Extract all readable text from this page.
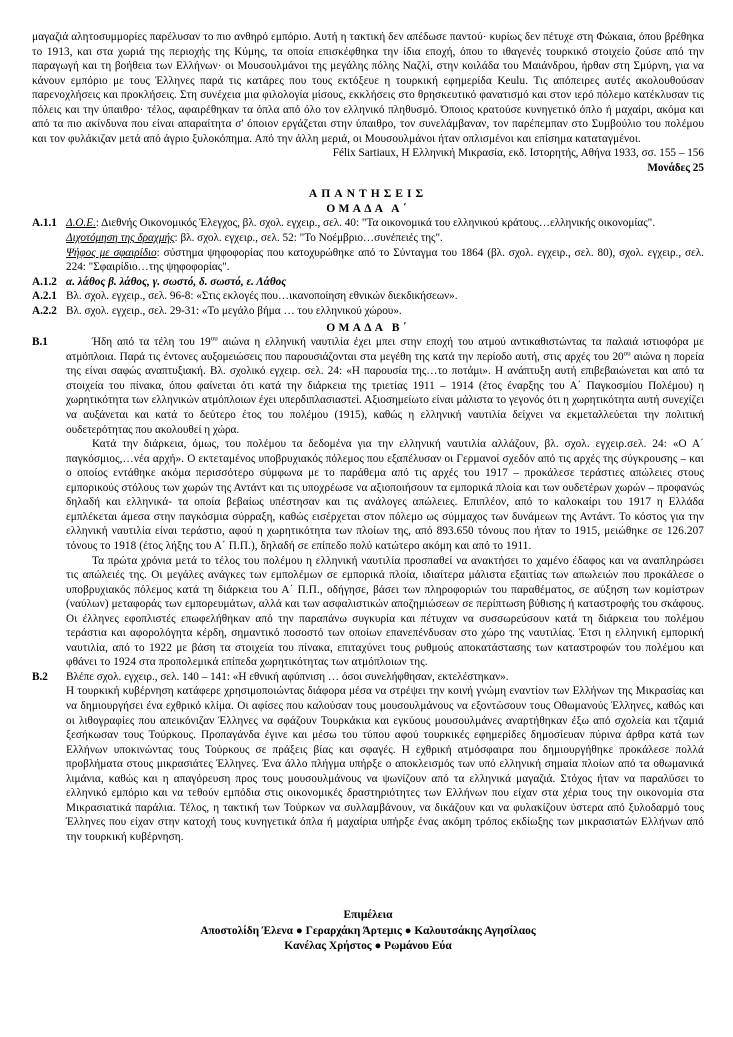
μαγαζιά αλητοσυμμορίες παρέλυσαν το πιο ανθηρό εμπόριο. Αυτή η τακτική δεν απέδωσε παντού· κυρίως δεν πέτυχε στη Φώκαια, όπου βρέθηκα το 1913, και στα χωριά της περιοχής της Κύμης, τα οποία επισκέφθηκα την ίδια εποχή, όπου το ιθαγενές τουρκικό στοιχείο ζούσε από την παραγωγή και τη βοήθεια των Ελλήνων· οι Μουσουλμάνοι της μεγάλης πόλης Ναζλί, στην κοιλάδα του Μαιάνδρου, ήρθαν στη Σμύρνη, για να κάνουν εμπόριο με τους Έλληνες παρά τις κατάρες που τους εκτόξευε η τουρκική εφημερίδα Keulu. Τις απόπειρες αυτές ακολουθούσαν παρενοχλήσεις και προκλήσεις. Στη συνέχεια μια φιλολογία μίσους, εκκλήσεις στο θρησκευτικό φανατισμό και στον ιερό πόλεμο κατέκλυσαν τις πόλεις και την ύπαιθρο· τέλος, αφαιρέθηκαν τα όπλα από όλο τον ελληνικό πληθυσμό. Όποιος κρατούσε κυνηγετικό όπλο ή μαχαίρι, ακόμα και από τα πιο ακίνδυνα που είναι απαραίτητα σ' όποιον εργάζεται στην ύπαιθρο, τον συνελάμβαναν, τον παρέπεμπαν στο Συμβούλιο του πολέμου και τον φυλάκιζαν μετά από άγριο ξυλοκόπημα. Από την άλλη μεριά, οι Μουσουλμάνοι ήταν οπλισμένοι και επίσημα καταταγμένοι.

Félix Sartiaux, Η Ελληνική Μικρασία, εκδ. Ιστορητής, Αθήνα 1933, σσ. 155 – 156

Μονάδες 25

ΑΠΑΝΤΗΣΕΙΣ

ΟΜΑΔΑ Α΄

Α.1.1 Δ.Ο.Ε.: Διεθνής Οικονομικός Έλεγχος, βλ. σχολ. εγχειρ., σελ. 40: "Τα οικονομικά του ελληνικού κράτους…ελληνικής οικονομίας".
Διχοτόμηση της δραχμής: βλ. σχολ. εγχειρ., σελ. 52: "Το Νοέμβριο…συνέπειές της".
Ψήφος με σφαιρίδιο: σύστημα ψηφοφορίας που κατοχυρώθηκε από το Σύνταγμα του 1864 (βλ. σχολ. εγχειρ., σελ. 80), σχολ. εγχειρ., σελ. 224: "Σφαιρίδιο…της ψηφοφορίας".
Α.1.2 α. λάθος β. λάθος, γ. σωστό, δ. σωστό, ε. Λάθος
Α.2.1 Βλ. σχολ. εγχειρ., σελ. 96-8: «Στις εκλογές που…ικανοποίηση εθνικών διεκδικήσεων».
Α.2.2 Βλ. σχολ. εγχειρ., σελ. 29-31: «Το μεγάλο βήμα … του ελληνικού χώρου».

ΟΜΑΔΑ Β΄

Β.1	Ήδη από τα τέλη του $19^{o\upsilon}$ αιώνα η ελληνική ναυτιλία έχει μπει στην εποχή του ατμού αντικαθιστώντας τα παλαιά ιστιοφόρα με ατμόπλοια. Παρά τις έντονες αυξομειώσεις που παρουσιάζονται στα μεγέθη της κατά την περίοδο αυτή, στις αρχές του $20^{o\upsilon}$ αιώνα η πορεία της είναι σαφώς αναπτυξιακή. Βλ. σχολικό εγχειρ. σελ. 24: «Η παρουσία της…το ποτάμι». Η ανάπτυξη αυτή επιβεβαιώνεται και από τα στοιχεία του πίνακα, όπου φαίνεται ότι κατά την διάρκεια της τριετίας 1911 – 1914 (έτος έναρξης του Α΄ Παγκοσμίου Πολέμου) η χωρητικότητα των ελληνικών ατμόπλοιων έχει υπερδιπλασιαστεί. Αξιοσημείωτο είναι μάλιστα το γεγονός ότι η χωρητικότητα αυτή συνεχίζει να αυξάνεται και κατά το δεύτερο έτος του πολέμου (1915), καθώς η ελληνική ναυτιλία δείχνει να εκμεταλλεύεται την πολιτική ουδετερότητας που ακολουθεί η χώρα.

Κατά την διάρκεια, όμως, του πολέμου τα δεδομένα για την ελληνική ναυτιλία αλλάζουν, βλ. σχολ. εγχειρ.σελ. 24: «Ο Α΄ παγκόσμιος,…νέα αρχή». Ο εκτεταμένος υποβρυχιακός πόλεμος που εξαπέλυσαν οι Γερμανοί σχεδόν από τις αρχές της σύγκρουσης – και ο οποίος εντάθηκε ακόμα περισσότερο σύμφωνα με το παράθεμα από τις αρχές του 1917 – προκάλεσε τεράστιες απώλειες στους εμπορικούς στόλους των χωρών της Αντάντ και τις υποχρέωσε να αξιοποιήσουν τα εμπορικά πλοία και των ουδετέρων χωρών – προφανώς δηλαδή και ελληνικά- τα οποία βεβαίως υπέστησαν και τις ανάλογες απώλειες. Επιπλέον, από το καλοκαίρι του 1917 η Ελλάδα εμπλέκεται άμεσα στην παγκόσμια σύρραξη, καθώς εισέρχεται στον πόλεμο ως σύμμαχος των δυνάμεων της Αντάντ. Το κόστος για την ελληνική ναυτιλία είναι τεράστιο, αφού η χωρητικότητα των πλοίων της, από 893.650 τόνους που ήταν το 1915, μειώθηκε σε 126.207 τόνους το 1918 (έτος λήξης του Α΄ Π.Π.), δηλαδή σε επίπεδο πολύ κατώτερο ακόμη και από το 1911.

Τα πρώτα χρόνια μετά το τέλος του πολέμου η ελληνική ναυτιλία προσπαθεί να ανακτήσει το χαμένο έδαφος και να αναπληρώσει τις απώλειές της. Οι μεγάλες ανάγκες των εμπολέμων σε εμπορικά πλοία, ιδιαίτερα μάλιστα εξαιτίας των απωλειών που προκάλεσε ο υποβρυχιακός πόλεμος κατά τη διάρκεια του Α΄ Π.Π., οδήγησε, βάσει των πληροφοριών του παραθέματος, σε αύξηση των κομίστρων (ναύλων) μεταφοράς των εμπορευμάτων, αλλά και των ασφαλιστικών αποζημιώσεων σε περίπτωση βύθισης ή καταστροφής του σκάφους. Οι έλληνες εφοπλιστές επωφελήθηκαν από την παραπάνω συγκυρία και πέτυχαν να συσσωρεύσουν κατά τη διάρκεια του πολέμου τεράστια και αφορολόγητα κέρδη, σημαντικό ποσοστό των οποίων επανεπένδυσαν στο χώρο της ναυτιλίας. Έτσι η ελληνική εμπορική ναυτιλία, από το 1922 με βάση τα στοιχεία του πίνακα, επιταχύνει τους ρυθμούς αποκατάστασης των καταστροφών του πολέμου και φθάνει το 1924 στα προπολεμικά επίπεδα χωρητικότητας των ατμόπλοιων της.

Β.2	Βλέπε σχολ. εγχειρ., σελ. 140 – 141: «Η εθνική αφύπνιση … όσοι συνελήφθησαν, εκτελέστηκαν».

Η τουρκική κυβέρνηση κατάφερε χρησιμοποιώντας διάφορα μέσα να στρέψει την κοινή γνώμη εναντίον των Ελλήνων της Μικρασίας και να δημιουργήσει ένα εχθρικό κλίμα. Οι αφίσες που καλούσαν τους μουσουλμάνους να εξοντώσουν τους Οθωμανούς Έλληνες, καθώς και οι λιθογραφίες που απεικόνιζαν Έλληνες να σφάζουν Τουρκάκια και εγκύους μουσουλμάνες αναρτήθηκαν έξω από σχολεία και τζαμιά ξεσήκωσαν τους Τούρκους. Προπαγάνδα έγινε και μέσω του τύπου αφού τουρκικές εφημερίδες δημοσίευαν πύρινα άρθρα κατά των Ελλήνων υποκινώντας τους Τούρκους σε πράξεις βίας και σφαγές. Η εχθρική ατμόσφαιρα που δημιουργήθηκε προκάλεσε πολλά προβλήματα στους μικρασιάτες Έλληνες. Ένα άλλο πλήγμα υπήρξε ο αποκλεισμός των υπό ελληνική σημαία πλοίων από τα οθωμανικά λιμάνια, καθώς και η απαγόρευση προς τους μουσουλμάνους να ψωνίζουν από τα ελληνικά μαγαζιά. Στόχος ήταν να παραλύσει το ελληνικό εμπόριο και να τεθούν εμπόδια στις οικονομικές δραστηριότητες των Ελλήνων που είχαν στα χέρια τους την οικονομία στα Μικρασιατικά παράλια. Τέλος, η τακτική των Τούρκων να συλλαμβάνουν, να δικάζουν και να φυλακίζουν ύστερα από ξυλοδαρμό τους Έλληνες που είχαν στην κατοχή τους κυνηγετικά όπλα ή μαχαίρια υπήρξε ένας ακόμη τρόπος εκδίωξης των μικρασιατών Ελλήνων από την τουρκική κυβέρνηση.

Επιμέλεια
Αποστολίδη Έλενα ● Γεραρχάκη Άρτεμις ● Καλουτσάκης Αγησίλαος
Κανέλας Χρήστος ● Ρωμάνου Εύα
